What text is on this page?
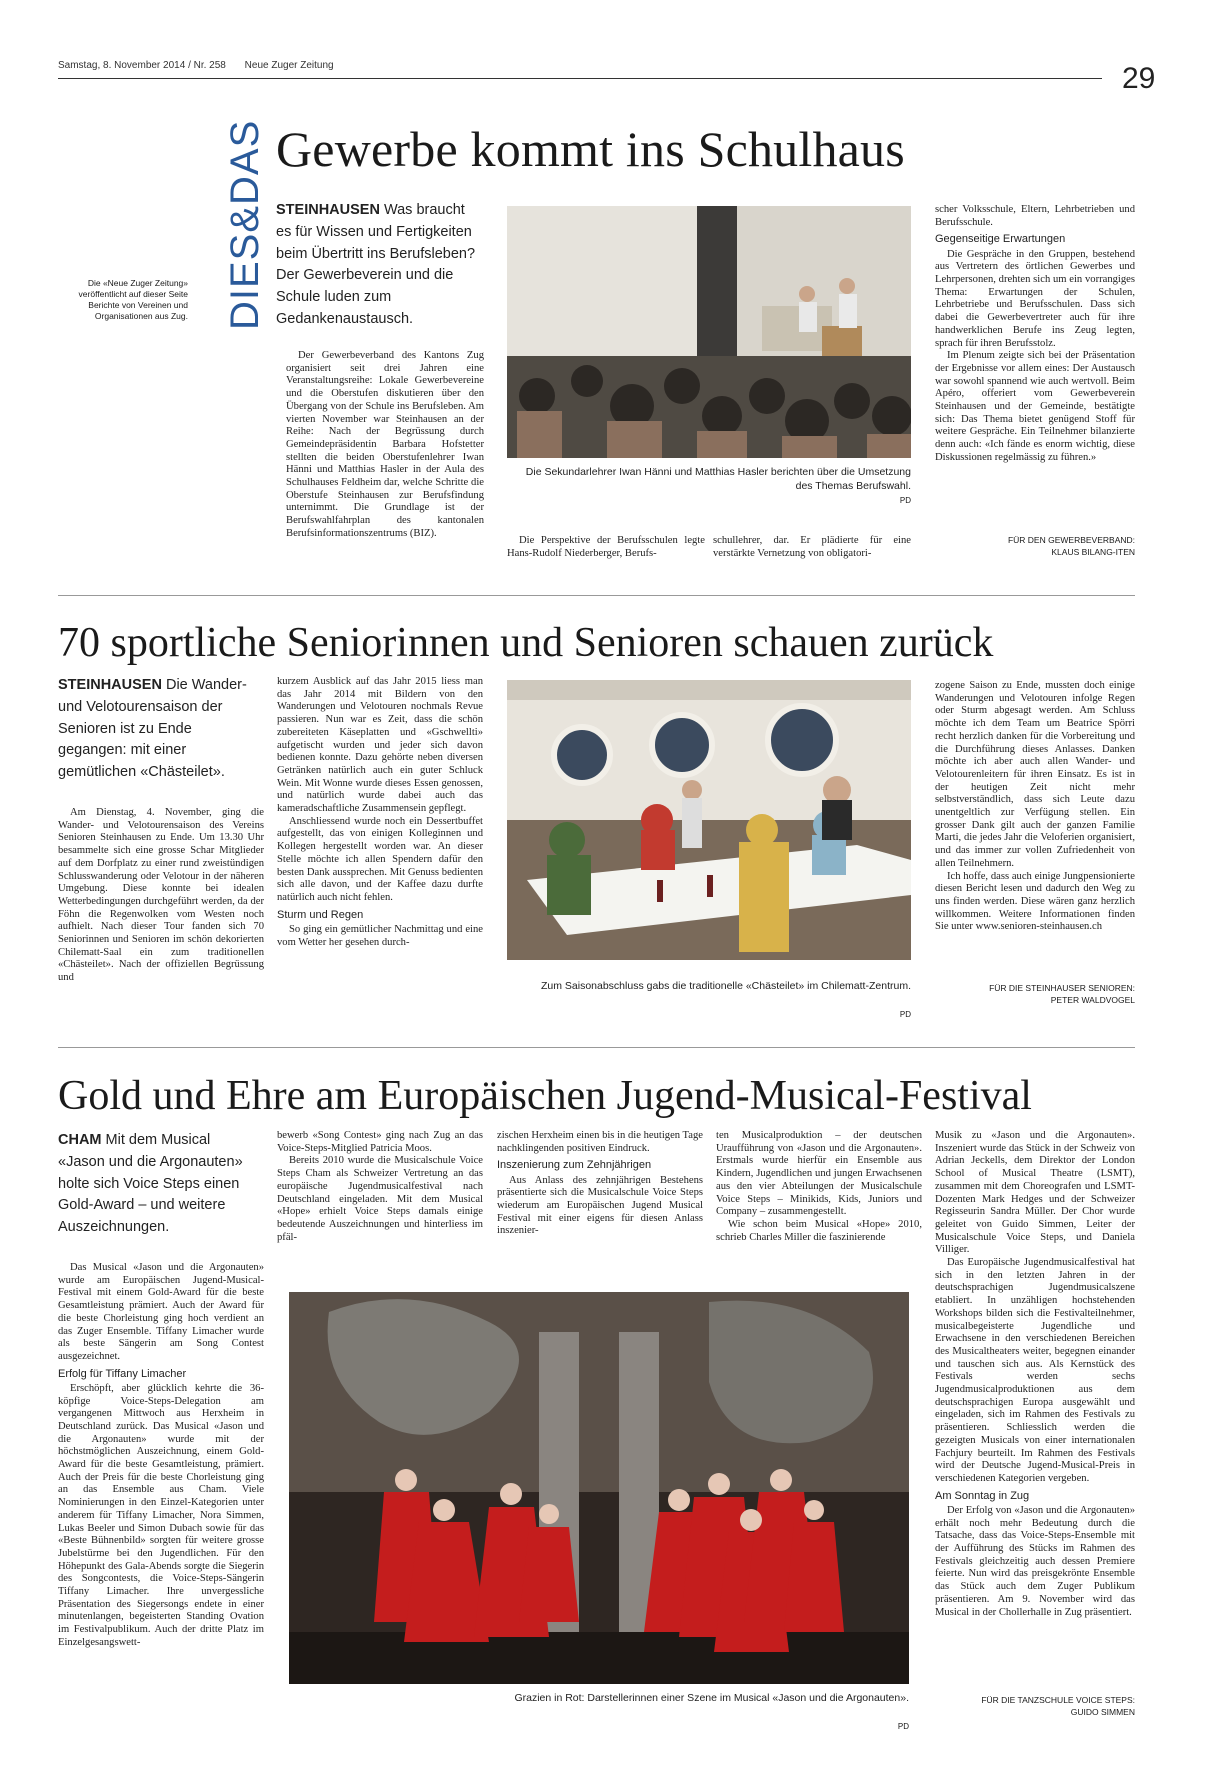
Samstag, 8. November 2014 / Nr. 258 Neue Zuger Zeitung	29
DIES&DAS
Die «Neue Zuger Zeitung» veröffentlicht auf dieser Seite Berichte von Vereinen und Organisationen aus Zug.
Gewerbe kommt ins Schulhaus
STEINHAUSEN Was braucht es für Wissen und Fertigkeiten beim Übertritt ins Berufsleben? Der Gewerbeverein und die Schule luden zum Gedankenaustausch.

Der Gewerbeverband des Kantons Zug organisiert seit drei Jahren eine Veranstaltungsreihe: Lokale Gewerbevereine und die Oberstufen diskutieren über den Übergang von der Schule ins Berufsleben. Am vierten November war Steinhausen an der Reihe: Nach der Begrüssung durch Gemeindepräsidentin Barbara Hofstetter stellten die beiden Oberstufenlehrer Iwan Hänni und Matthias Hasler in der Aula des Schulhauses Feldheim dar, welche Schritte die Oberstufe Steinhausen zur Berufsfindung unternimmt. Die Grundlage ist der Berufswahlfahrplan des kantonalen Berufsinformationszentrums (BIZ).

Die Sekundarlehrer Iwan Hänni und Matthias Hasler berichten über die Umsetzung des Themas Berufswahl.
PD

Die Perspektive der Berufsschulen legte Hans-Rudolf Niederberger, Berufs-

schullehrer, dar. Er plädierte für eine verstärkte Vernetzung von obligatori-

scher Volksschule, Eltern, Lehrbetrieben und Berufsschule.

Gegenseitige Erwartungen

Die Gespräche in den Gruppen, bestehend aus Vertretern des örtlichen Gewerbes und Lehrpersonen, drehten sich um ein vorrangiges Thema: Erwartungen der Schulen, Lehrbetriebe und Berufsschulen. Dass sich dabei die Gewerbevertreter auch für ihre handwerklichen Berufe ins Zeug legten, sprach für ihren Berufsstolz.

Im Plenum zeigte sich bei der Präsentation der Ergebnisse vor allem eines: Der Austausch war sowohl spannend wie auch wertvoll. Beim Apéro, offeriert vom Gewerbeverein Steinhausen und der Gemeinde, bestätigte sich: Das Thema bietet genügend Stoff für weitere Gespräche. Ein Teilnehmer bilanzierte denn auch: «Ich fände es enorm wichtig, diese Diskussionen regelmässig zu führen.»

FÜR DEN GEWERBEVERBAND:
KLAUS BILANG-ITEN
70 sportliche Seniorinnen und Senioren schauen zurück
STEINHAUSEN Die Wander- und Velotourensaison der Senioren ist zu Ende gegangen: mit einer gemütlichen «Chästeilet».

Am Dienstag, 4. November, ging die Wander- und Velotourensaison des Vereins Senioren Steinhausen zu Ende. Um 13.30 Uhr besammelte sich eine grosse Schar Mitglieder auf dem Dorfplatz zu einer rund zweistündigen Schlusswanderung oder Velotour in der näheren Umgebung. Diese konnte bei idealen Wetterbedingungen durchgeführt werden, da der Föhn die Regenwolken vom Westen noch aufhielt. Nach dieser Tour fanden sich 70 Seniorinnen und Senioren im schön dekorierten Chilematt-Saal ein zum traditionellen «Chästeilet». Nach der offiziellen Begrüssung und

kurzem Ausblick auf das Jahr 2015 liess man das Jahr 2014 mit Bildern von den Wanderungen und Velotouren nochmals Revue passieren. Nun war es Zeit, dass die schön zubereiteten Käseplatten und «Gschwellti» aufgetischt wurden und jeder sich davon bedienen konnte. Dazu gehörte neben diversen Getränken natürlich auch ein guter Schluck Wein. Mit Wonne wurde dieses Essen genossen, und natürlich wurde dabei auch das kameradschaftliche Zusammensein gepflegt.

Anschliessend wurde noch ein Dessertbuffet aufgestellt, das von einigen Kolleginnen und Kollegen hergestellt worden war. An dieser Stelle möchte ich allen Spendern dafür den besten Dank aussprechen. Mit Genuss bedienten sich alle davon, und der Kaffee dazu durfte natürlich auch nicht fehlen.

Sturm und Regen

So ging ein gemütlicher Nachmittag und eine vom Wetter her gesehen durch-

Zum Saisonabschluss gabs die traditionelle «Chästeilet» im Chilematt-Zentrum.
PD

zogene Saison zu Ende, mussten doch einige Wanderungen und Velotouren infolge Regen oder Sturm abgesagt werden. Am Schluss möchte ich dem Team um Beatrice Spörri recht herzlich danken für die Vorbereitung und die Durchführung dieses Anlasses. Danken möchte ich aber auch allen Wander- und Velotourenleitern für ihren Einsatz. Es ist in der heutigen Zeit nicht mehr selbstverständlich, dass sich Leute dazu unentgeltlich zur Verfügung stellen. Ein grosser Dank gilt auch der ganzen Familie Marti, die jedes Jahr die Veloferien organisiert, und das immer zur vollen Zufriedenheit von allen Teilnehmern.

Ich hoffe, dass auch einige Jungpensionierte diesen Bericht lesen und dadurch den Weg zu uns finden werden. Diese wären ganz herzlich willkommen. Weitere Informationen finden Sie unter www.senioren-steinhausen.ch

FÜR DIE STEINHAUSER SENIOREN:
PETER WALDVOGEL
Gold und Ehre am Europäischen Jugend-Musical-Festival
CHAM Mit dem Musical «Jason und die Argonauten» holte sich Voice Steps einen Gold-Award – und weitere Auszeichnungen.

Das Musical «Jason und die Argonauten» wurde am Europäischen Jugend-Musical-Festival mit einem Gold-Award für die beste Gesamtleistung prämiert. Auch der Award für die beste Chorleistung ging hoch verdient an das Zuger Ensemble. Tiffany Limacher wurde als beste Sängerin am Song Contest ausgezeichnet.

Erfolg für Tiffany Limacher

Erschöpft, aber glücklich kehrte die 36-köpfige Voice-Steps-Delegation am vergangenen Mittwoch aus Herxheim in Deutschland zurück. Das Musical «Jason und die Argonauten» wurde mit der höchstmöglichen Auszeichnung, einem Gold-Award für die beste Gesamtleistung, prämiert. Auch der Preis für die beste Chorleistung ging an das Ensemble aus Cham. Viele Nominierungen in den Einzel-Kategorien unter anderem für Tiffany Limacher, Nora Simmen, Lukas Beeler und Simon Dubach sowie für das «Beste Bühnenbild» sorgten für weitere grosse Jubelstürme bei den Jugendlichen. Für den Höhepunkt des Gala-Abends sorgte die Siegerin des Songcontests, die Voice-Steps-Sängerin Tiffany Limacher. Ihre unvergessliche Präsentation des Siegersongs endete in einer minutenlangen, begeisterten Standing Ovation im Festivalpublikum. Auch der dritte Platz im Einzelgesangswett-

bewerb «Song Contest» ging nach Zug an das Voice-Steps-Mitglied Patricia Moos.

Bereits 2010 wurde die Musicalschule Voice Steps Cham als Schweizer Vertretung an das europäische Jugendmusicalfestival nach Deutschland eingeladen. Mit dem Musical «Hope» erhielt Voice Steps damals einige bedeutende Auszeichnungen und hinterliess im pfäl-

zischen Herxheim einen bis in die heutigen Tage nachklingenden positiven Eindruck.

Inszenierung zum Zehnjährigen

Aus Anlass des zehnjährigen Bestehens präsentierte sich die Musicalschule Voice Steps wiederum am Europäischen Jugend Musical Festival mit einer eigens für diesen Anlass inszenier-

ten Musicalproduktion – der deutschen Uraufführung von «Jason und die Argonauten». Erstmals wurde hierfür ein Ensemble aus Kindern, Jugendlichen und jungen Erwachsenen aus den vier Abteilungen der Musicalschule Voice Steps – Minikids, Kids, Juniors und Company – zusammengestellt.

Wie schon beim Musical «Hope» 2010, schrieb Charles Miller die faszinierende

Grazien in Rot: Darstellerinnen einer Szene im Musical «Jason und die Argonauten».
PD

Musik zu «Jason und die Argonauten». Inszeniert wurde das Stück in der Schweiz von Adrian Jeckells, dem Direktor der London School of Musical Theatre (LSMT), zusammen mit dem Choreografen und LSMT-Dozenten Mark Hedges und der Schweizer Regisseurin Sandra Müller. Der Chor wurde geleitet von Guido Simmen, Leiter der Musicalschule Voice Steps, und Daniela Villiger.

Das Europäische Jugendmusicalfestival hat sich in den letzten Jahren in der deutschsprachigen Jugendmusicalszene etabliert. In unzähligen hochstehenden Workshops bilden sich die Festivalteilnehmer, musicalbegeisterte Jugendliche und Erwachsene in den verschiedenen Bereichen des Musicaltheaters weiter, begegnen einander und tauschen sich aus. Als Kernstück des Festivals werden sechs Jugendmusicalproduktionen aus dem deutschsprachigen Europa ausgewählt und eingeladen, sich im Rahmen des Festivals zu präsentieren. Schliesslich werden die gezeigten Musicals von einer internationalen Fachjury beurteilt. Im Rahmen des Festivals wird der Deutsche Jugend-Musical-Preis in verschiedenen Kategorien vergeben.

Am Sonntag in Zug

Der Erfolg von «Jason und die Argonauten» erhält noch mehr Bedeutung durch die Tatsache, dass das Voice-Steps-Ensemble mit der Aufführung des Stücks im Rahmen des Festivals gleichzeitig auch dessen Premiere feierte. Nun wird das preisgekrönte Ensemble das Stück auch dem Zuger Publikum präsentieren. Am 9. November wird das Musical in der Chollerhalle in Zug präsentiert.

FÜR DIE TANZSCHULE VOICE STEPS:
GUIDO SIMMEN
